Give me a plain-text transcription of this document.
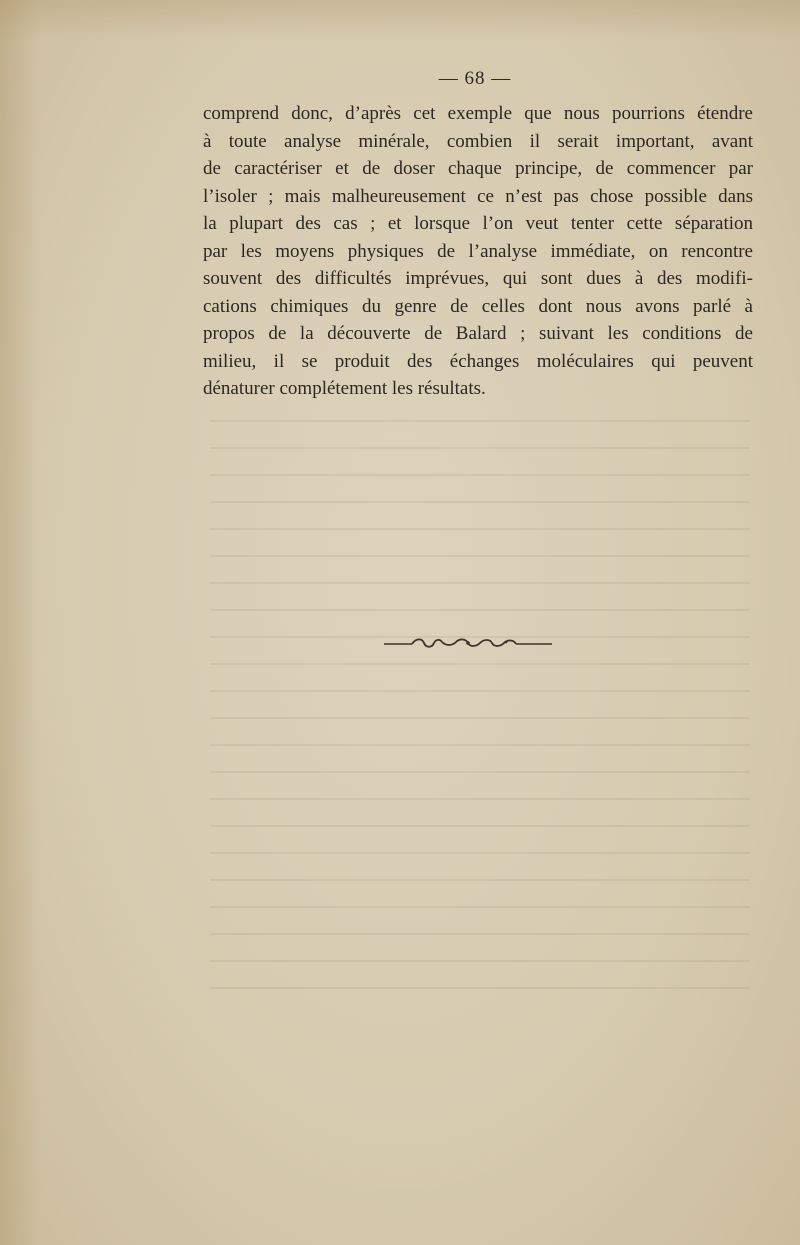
— 68 —
comprend donc, d’après cet exemple que nous pourrions étendre
à toute analyse minérale, combien il serait important, avant
de caractériser et de doser chaque principe, de commencer par
l’isoler ; mais malheureusement ce n’est pas chose possible dans
la plupart des cas ; et lorsque l’on veut tenter cette séparation
par les moyens physiques de l’analyse immédiate, on rencontre
souvent des difficultés imprévues, qui sont dues à des modifi-
cations chimiques du genre de celles dont nous avons parlé à
propos de la découverte de Balard ; suivant les conditions de
milieu, il se produit des échanges moléculaires qui peuvent
dénaturer complétement les résultats.
